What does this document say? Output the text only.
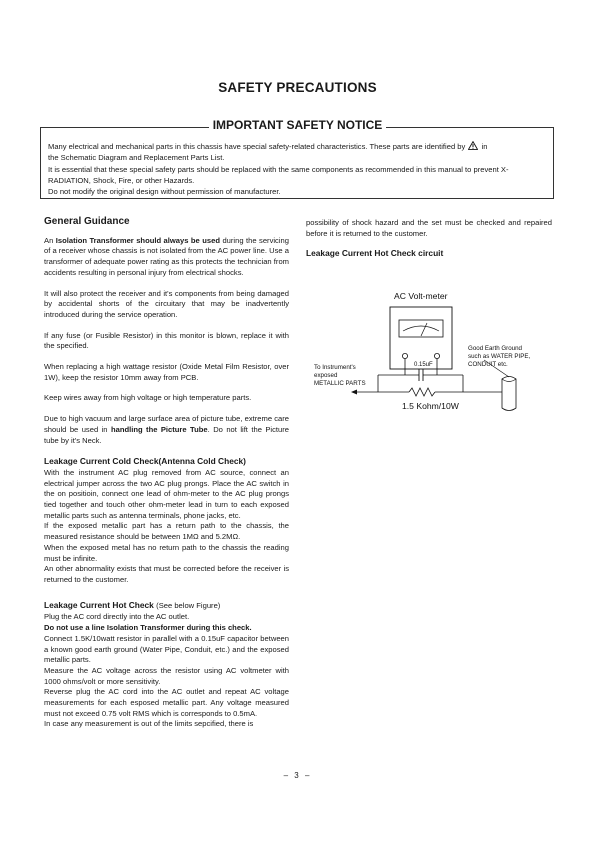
SAFETY PRECAUTIONS
IMPORTANT SAFETY NOTICE

Many electrical and mechanical parts in this chassis have special safety-related characteristics. These parts are identified by in

the Schematic Diagram and Replacement Parts List.

It is essential that these special safety parts should be replaced with the same components as recommended in this manual to prevent X-RADIATION, Shock, Fire, or other Hazards.

Do not modify the original design without permission of manufacturer.

General Guidance

An Isolation Transformer should always be used during the servicing of a receiver whose chassis is not isolated from the AC power line. Use a transformer of adequate power rating as this protects the technician from accidents resulting in personal injury from electrical shocks.

It will also protect the receiver and it's components from being damaged by accidental shorts of the circuitary that may be inadvertently introduced during the service operation.

If any fuse (or Fusible Resistor) in this monitor is blown, replace it with the specified.

When replacing a high wattage resistor (Oxide Metal Film Resistor, over 1W), keep the resistor 10mm away from PCB.

Keep wires away from high voltage or high temperature parts.

Due to high vacuum and large surface area of picture tube, extreme care should be used in handling the Picture Tube. Do not lift the Picture tube by it's Neck.

Leakage Current Cold Check(Antenna Cold Check)

With the instrument AC plug removed from AC source, connect an electrical jumper across the two AC plug prongs. Place the AC switch in the on positioin, connect one lead of ohm-meter to the AC plug prongs tied together and touch other ohm-meter lead in turn to each exposed metallic parts such as antenna terminals, phone jacks, etc.

If the exposed metallic part has a return path to the chassis, the measured resistance should be between 1MΩ and 5.2MΩ.

When the exposed metal has no return path to the chassis the reading must be infinite.

An other abnormality exists that must be corrected before the receiver is returned to the customer.

Leakage Current Hot Check (See below Figure)

Plug the AC cord directly into the AC outlet.

Do not use a line Isolation Transformer during this check.

Connect 1.5K/10watt resistor in parallel with a 0.15uF capacitor between a known good earth ground (Water Pipe, Conduit, etc.) and the exposed metallic parts.

Measure the AC voltage across the resistor using AC voltmeter with 1000 ohms/volt or more sensitivity.

Reverse plug the AC cord into the AC outlet and repeat AC voltage measurements for each esposed metallic part. Any voltage measured must not exceed 0.75 volt RMS which is corresponds to 0.5mA.

In case any measurement is out of the limits sepcified, there is

possibility of shock hazard and the set must be checked and repaired before it is returned to the customer.

Leakage Current Hot Check circuit
AC Volt-meter
0.15uF
1.5 Kohm/10W
Good Earth Ground
such as WATER PIPE,
CONDUIT etc.
To Instrument's
exposed
METALLIC PARTS
– 3 –
